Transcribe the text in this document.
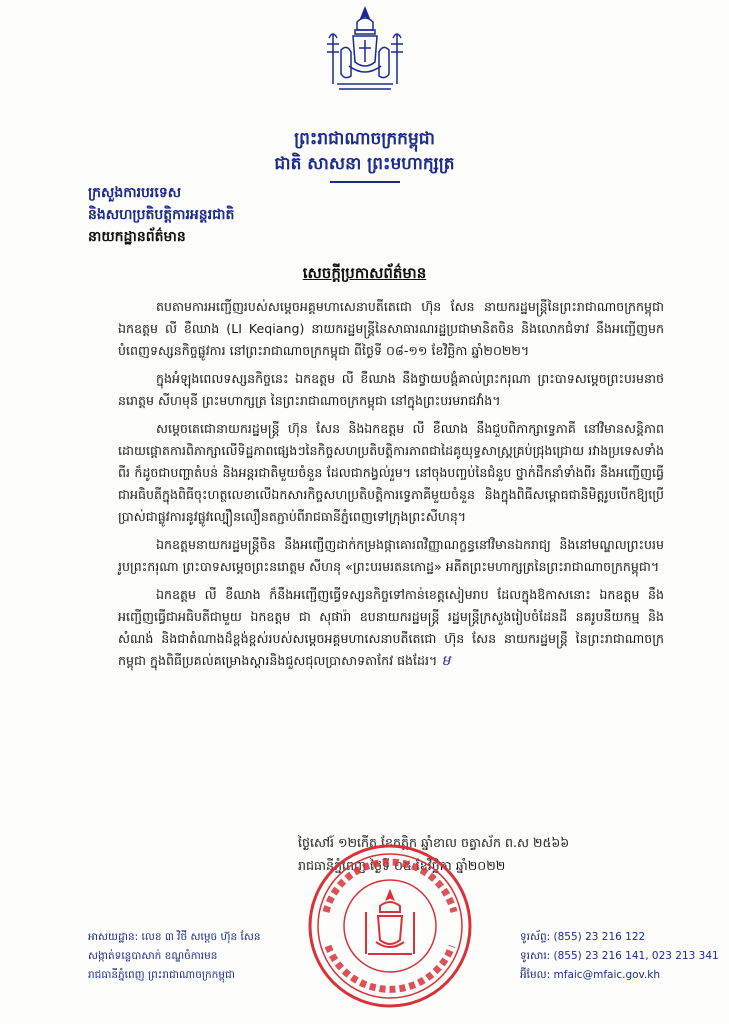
ព្រះរាជាណាចក្រកម្ពុជា
ជាតិ សាសនា ព្រះមហាក្សត្រ
ក្រសួងការបរទេស
និងសហប្រតិបត្តិការអន្តរជាតិ
នាយកដ្ឋានព័ត៌មាន
សេចក្តីប្រកាសព័ត៌មាន

តបតាមការអញ្ជើញរបស់សម្តេចអគ្គមហាសេនាបតីតេជោ ហ៊ុន សែន នាយករដ្ឋមន្ត្រីនៃព្រះរាជាណាចក្រកម្ពុជា ឯកឧត្តម លី ខឺឈាង (LI Keqiang) នាយករដ្ឋមន្ត្រីនៃសាធារណរដ្ឋប្រជាមានិតចិន និងលោកជំទាវ នឹងអញ្ជើញមកបំពេញទស្សនកិច្ចផ្លូវការ នៅព្រះរាជាណាចក្រកម្ពុជា ពីថ្ងៃទី ០៨-១១ ខែវិច្ឆិកា ឆ្នាំ២០២២។

ក្នុងអំឡុងពេលទស្សនកិច្ចនេះ ឯកឧត្តម លី ខឺឈាង នឹងថ្វាយបង្គំគាល់ព្រះករុណា ព្រះបាទសម្តេចព្រះបរមនាថ នរោត្តម សីហមុនី ព្រះមហាក្សត្រ នៃព្រះរាជាណាចក្រកម្ពុជា នៅក្នុងព្រះបរមរាជវាំង។

សម្តេចតេជោនាយករដ្ឋមន្ត្រី ហ៊ុន សែន និងឯកឧត្តម លី ខឺឈាង នឹងជួបពិភាក្សាទ្វេភាគី នៅវិមានសន្តិភាព ដោយផ្តោតការពិភាក្សាលើទិដ្ឋភាពផ្សេងៗនៃកិច្ចសហប្រតិបត្តិការភាពជាដៃគូយុទ្ធសាស្ត្រគ្រប់ជ្រុងជ្រោយ រវាងប្រទេសទាំងពីរ ក៏ដូចជាបញ្ហាតំបន់ និងអន្តរជាតិមួយចំនួន ដែលជាកង្វល់រួម។ នៅចុងបញ្ចប់នៃជំនួប ថ្នាក់ដឹកនាំទាំងពីរ នឹងអញ្ជើញធ្វើជាអធិបតីក្នុងពិធីចុះហត្ថលេខាលើឯកសារកិច្ចសហប្រតិបត្តិការទ្វេភាគីមួយចំនួន និងក្នុងពិធីសម្ពោធជានិមិត្តរូបបើកឱ្យប្រើប្រាស់ជាផ្លូវការនូវផ្លូវល្បឿនលឿនតភ្ជាប់ពីរាជធានីភ្នំពេញទៅក្រុងព្រះសីហនុ។

ឯកឧត្តមនាយករដ្ឋមន្ត្រីចិន នឹងអញ្ជើញដាក់កម្រងផ្កាគោរពវិញ្ញាណក្ខន្ធនៅវិមានឯករាជ្យ និងនៅមណ្ឌលព្រះបរមរូបព្រះករុណា ព្រះបាទសម្តេចព្រះនរោត្តម សីហនុ «ព្រះបរមរតនកោដ្ឋ» អតីតព្រះមហាក្សត្រនៃព្រះរាជាណាចក្រកម្ពុជា។

ឯកឧត្តម លី ខឺឈាង ក៏នឹងអញ្ជើញធ្វើទស្សនកិច្ចទៅកាន់ខេត្តសៀមរាប ដែលក្នុងឱកាសនោះ ឯកឧត្តម នឹងអញ្ជើញធ្វើជាអធិបតីជាមួយ ឯកឧត្តម ជា សុផារ៉ា ឧបនាយករដ្ឋមន្ត្រី រដ្ឋមន្ត្រីក្រសួងរៀបចំដែនដី នគរូបនីយកម្ម និងសំណង់ និងជាតំណាងដ៏ខ្ពង់ខ្ពស់របស់សម្តេចអគ្គមហាសេនាបតីតេជោ ហ៊ុន សែន នាយករដ្ឋមន្ត្រី នៃព្រះរាជាណាចក្រកម្ពុជា ក្នុងពិធីប្រគល់គម្រោងស្តារនិងជួសជុលប្រាសាទតាកែវ ផងដែរ។ ម

ថ្ងៃសៅរ៍ ១២កើត ខែកត្តិក ឆ្នាំខាល ចត្វាស័ក ព.ស ២៥៦៦
រាជធានីភ្នំពេញ ថ្ងៃទី ០៥ ខែវិច្ឆិកា ឆ្នាំ២០២២
អាសយដ្ឋាន: លេខ ៣ វិថី សម្តេច ហ៊ុន សែន
សង្កាត់ទន្លេបាសាក់ ខណ្ឌចំការមន
រាជធានីភ្នំពេញ ព្រះរាជាណាចក្រកម្ពុជា
ទូរស័ព្ទ: (855) 23 216 122
ទូរសារ: (855) 23 216 141, 023 213 341
អ៊ីមែល: mfaic@mfaic.gov.kh
